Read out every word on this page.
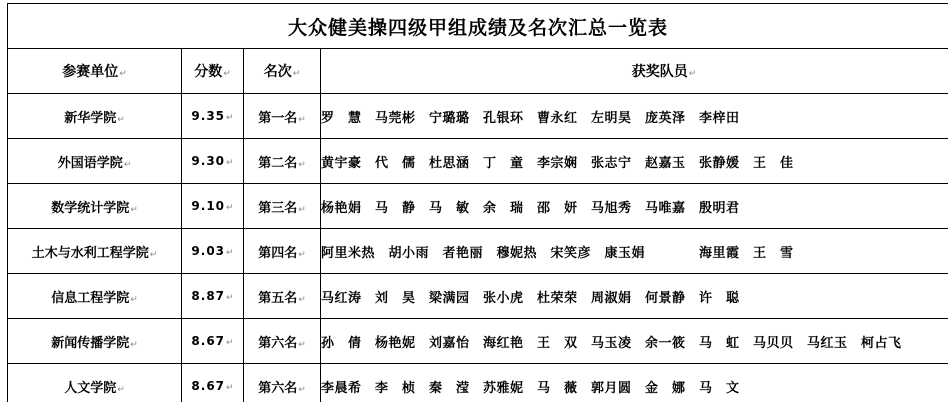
大众健美操四级甲组成绩及名次汇总一览表
参赛单位↵	分数↵	名次↵	获奖队员↵
新华学院↵	9.35↵	第一名↵	罗　慧　马莞彬　宁璐璐　孔银环　曹永红　左明昊　庞英泽　李梓田
外国语学院↵	9.30↵	第二名↵	黄宇豪　代　儒　杜思涵　丁　童　李宗娴　张志宁　赵嘉玉　张静媛　王　佳
数学统计学院↵	9.10↵	第三名↵	杨艳娟　马　静　马　敏　余　瑞　邵　妍　马旭秀　马唯嘉　殷明君
土木与水利工程学院↵	9.03↵	第四名↵	阿里米热　胡小雨　者艳丽　穆妮热　宋笑彦　康玉娟　　　　海里霞　王　雪
信息工程学院↵	8.87↵	第五名↵	马红涛　刘　昊　梁满园　张小虎　杜荣荣　周淑娟　何景静　许　聪
新闻传播学院↵	8.67↵	第六名↵	孙　倩　杨艳妮　刘嘉怡　海红艳　王　双　马玉凌　余一筱　马　虹　马贝贝　马红玉　柯占飞
人文学院↵	8.67↵	第六名↵	李晨希　李　桢　秦　滢　苏雅妮　马　薇　郭月圆　金　娜　马　文
